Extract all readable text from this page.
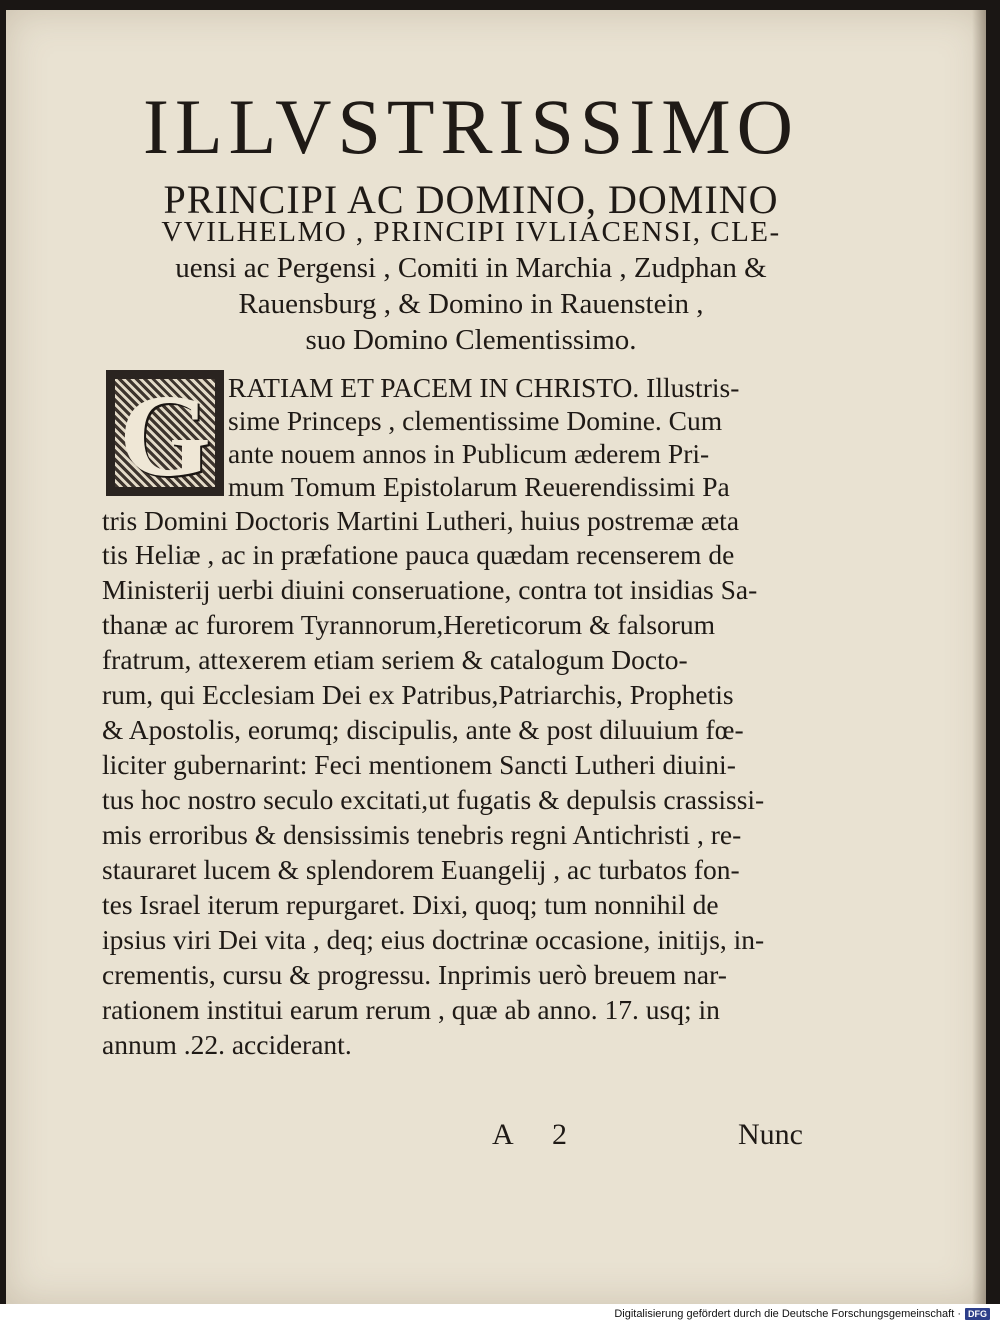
ILLVSTRISSIMO
PRINCIPI AC DOMINO, DOMINO
VVILHELMO , PRINCIPI IVLIACENSI, CLE-
uensi ac Pergensi , Comiti in Marchia , Zudphan &
Rauensburg , & Domino in Rauenstein ,
suo Domino Clementissimo.
G RATIAM ET PACEM IN CHRISTO. Illustris-
sime Princeps , clementissime Domine. Cum
ante nouem annos in Publicum æderem Pri-
mum Tomum Epistolarum Reuerendissimi Pa
tris Domini Doctoris Martini Lutheri, huius postremæ æta
tis Heliæ , ac in præfatione pauca quædam recenserem de
Ministerij uerbi diuini conseruatione, contra tot insidias Sa-
thanæ ac furorem Tyrannorum,Hereticorum & falsorum
fratrum, attexerem etiam seriem & catalogum Docto-
rum, qui Ecclesiam Dei ex Patribus,Patriarchis, Prophetis
& Apostolis, eorumq; discipulis, ante & post diluuium fœ-
liciter gubernarint: Feci mentionem Sancti Lutheri diuini-
tus hoc nostro seculo excitati,ut fugatis & depulsis crassissi-
mis erroribus & densissimis tenebris regni Antichristi , re-
stauraret lucem & splendorem Euangelij , ac turbatos fon-
tes Israel iterum repurgaret. Dixi, quoq; tum nonnihil de
ipsius viri Dei vita , deq; eius doctrinæ occasione, initijs, in-
crementis, cursu & progressu. Inprimis uerò breuem nar-
rationem institui earum rerum , quæ ab anno. 17. usq; in
annum .22. acciderant.
A 2	Nunc
Digitalisierung gefördert durch die Deutsche Forschungsgemeinschaft · DFG
